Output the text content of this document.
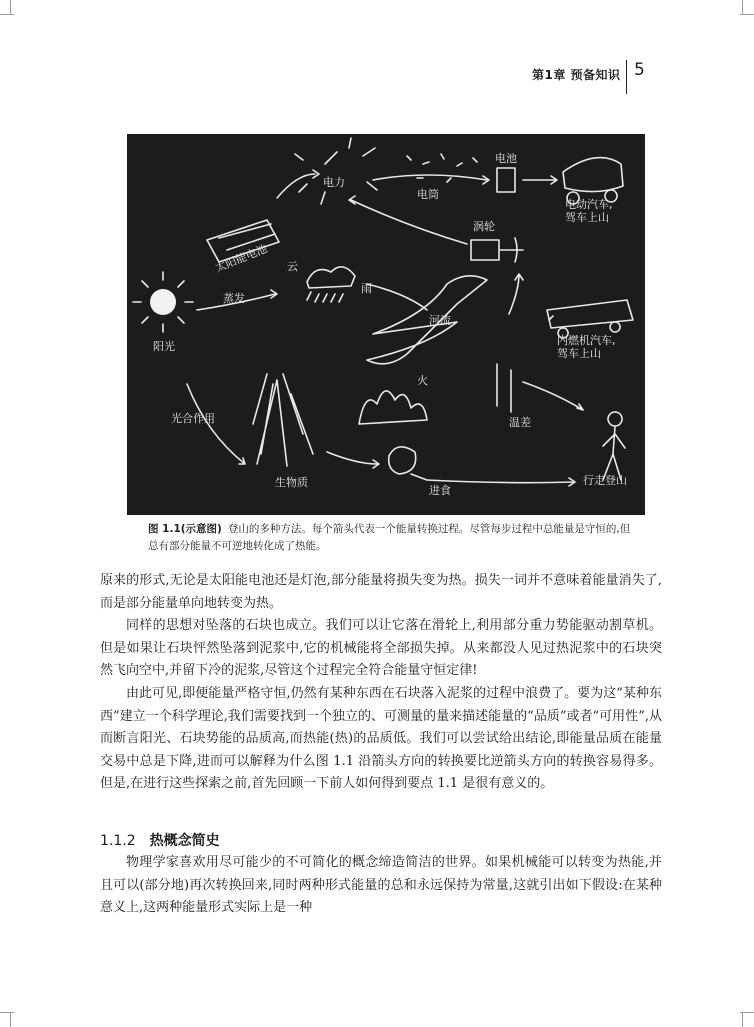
第1章 预备知识 5
电力
电池
电筒
电动汽车, 驾车上山
涡轮
太阳能电池 云
蒸发
雨
阳光
河流
内燃机汽车, 驾车上山
火
光合作用	温差
生物质
进食
行走登山
图 1.1(示意图) 登山的多种方法。每个箭头代表一个能量转换过程。尽管每步过程中总能量是守恒的,但总有部分能量不可逆地转化成了热能。

原来的形式,无论是太阳能电池还是灯泡,部分能量将损失变为热。损失一词并不意味着能量消失了,而是部分能量单向地转变为热。

同样的思想对坠落的石块也成立。我们可以让它落在滑轮上,利用部分重力势能驱动割草机。但是如果让石块怦然坠落到泥浆中,它的机械能将全部损失掉。从来都没人见过热泥浆中的石块突然飞向空中,并留下冷的泥浆,尽管这个过程完全符合能量守恒定律!

由此可见,即便能量严格守恒,仍然有某种东西在石块落入泥浆的过程中浪费了。要为这“某种东西”建立一个科学理论,我们需要找到一个独立的、可测量的量来描述能量的“品质”或者“可用性”,从而断言阳光、石块势能的品质高,而热能(热)的品质低。我们可以尝试给出结论,即能量品质在能量交易中总是下降,进而可以解释为什么图 1.1 沿箭头方向的转换要比逆箭头方向的转换容易得多。但是,在进行这些探索之前,首先回顾一下前人如何得到要点 1.1 是很有意义的。

1.1.2 热概念简史
物理学家喜欢用尽可能少的不可简化的概念缔造简洁的世界。如果机械能可以转变为热能,并且可以(部分地)再次转换回来,同时两种形式能量的总和永远保持为常量,这就引出如下假设:在某种意义上,这两种能量形式实际上是一种
